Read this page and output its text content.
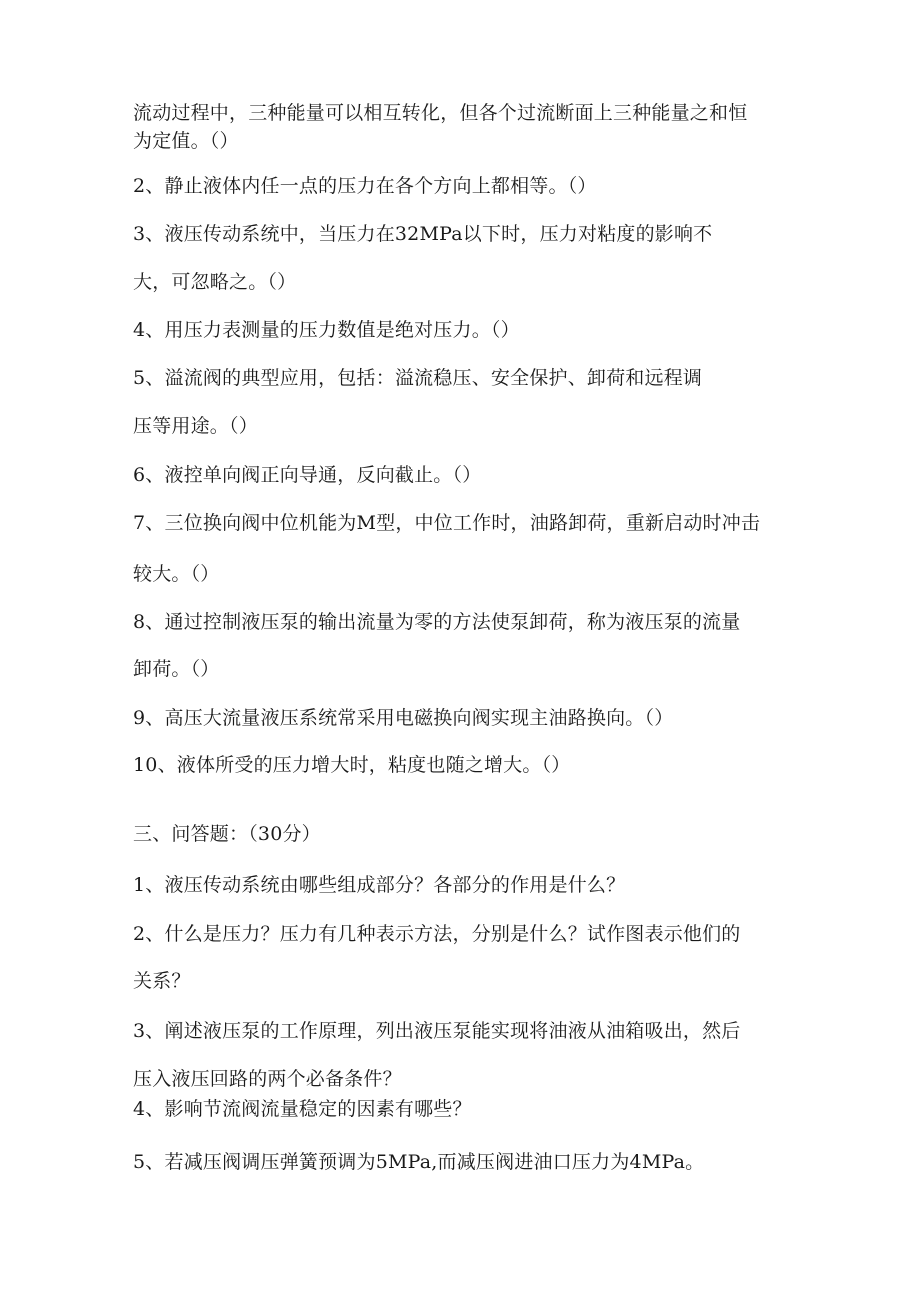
流动过程中，三种能量可以相互转化，但各个过流断面上三种能量之和恒
为定值。（）
2、静止液体内任一点的压力在各个方向上都相等。（）
3、液压传动系统中，当压力在32MPa以下时，压力对粘度的影响不
大，可忽略之。（）
4、用压力表测量的压力数值是绝对压力。（）
5、溢流阀的典型应用，包括：溢流稳压、安全保护、卸荷和远程调
压等用途。（）
6、液控单向阀正向导通，反向截止。（）
7、三位换向阀中位机能为M型，中位工作时，油路卸荷，重新启动时冲击
较大。（）
8、通过控制液压泵的输出流量为零的方法使泵卸荷，称为液压泵的流量
卸荷。（）
9、高压大流量液压系统常采用电磁换向阀实现主油路换向。（）
10、液体所受的压力增大时，粘度也随之增大。（）
三、问答题：（30分）
1、液压传动系统由哪些组成部分？各部分的作用是什么？
2、什么是压力？压力有几种表示方法，分别是什么？试作图表示他们的
关系？
3、阐述液压泵的工作原理，列出液压泵能实现将油液从油箱吸出，然后
压入液压回路的两个必备条件？
4、影响节流阀流量稳定的因素有哪些？
5、若减压阀调压弹簧预调为5MPa,而减压阀进油口压力为4MPa。
